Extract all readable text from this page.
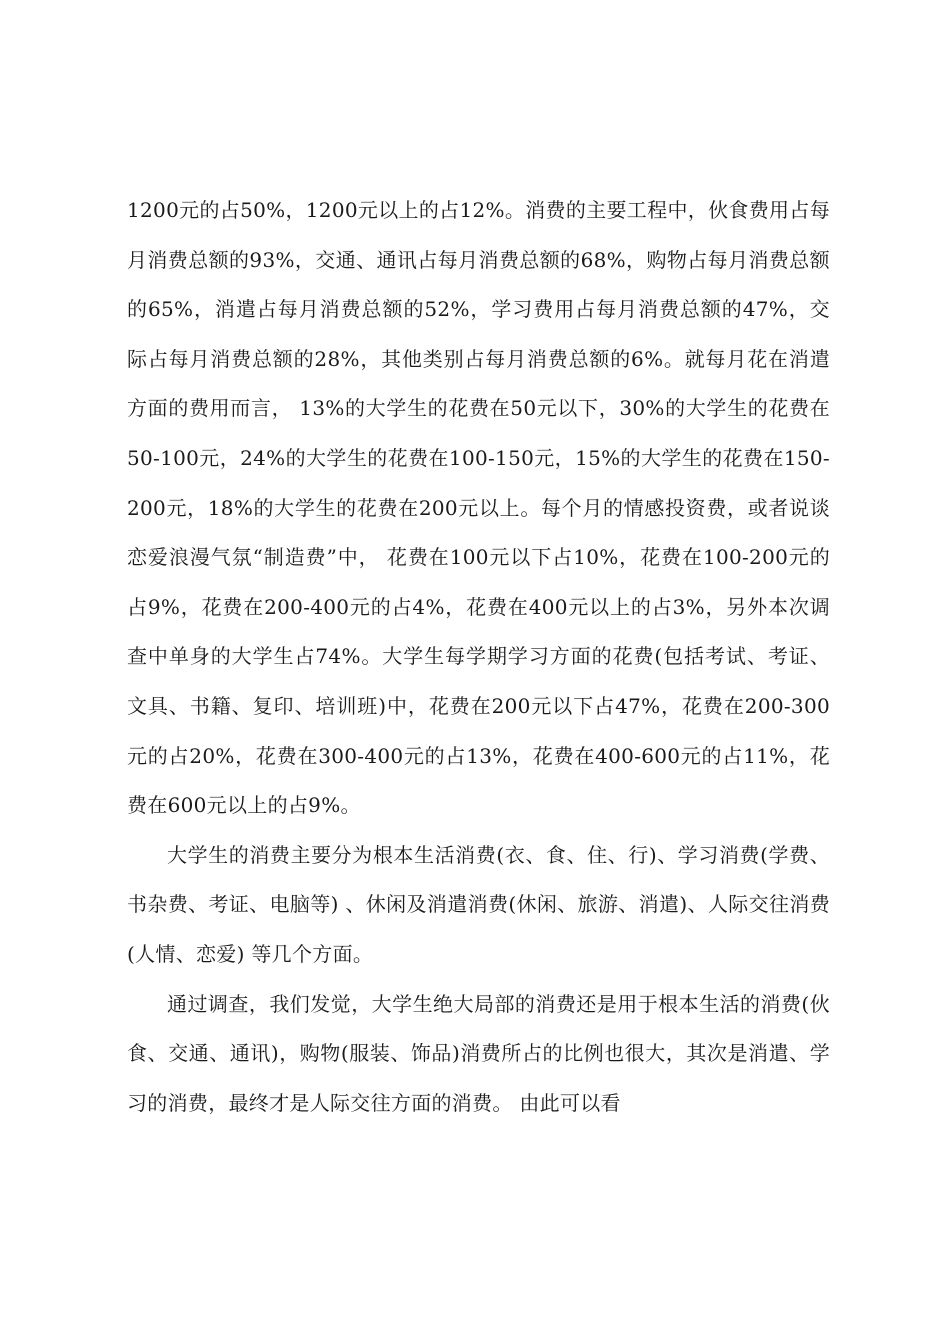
1200元的占50%，1200元以上的占12%。消费的主要工程中，伙食费用占每月消费总额的93%，交通、通讯占每月消费总额的68%，购物占每月消费总额的65%，消遣占每月消费总额的52%，学习费用占每月消费总额的47%，交际占每月消费总额的28%，其他类别占每月消费总额的6%。就每月花在消遣方面的费用而言， 13%的大学生的花费在50元以下，30%的大学生的花费在50-100元，24%的大学生的花费在100-150元，15%的大学生的花费在150-200元，18%的大学生的花费在200元以上。每个月的情感投资费，或者说谈恋爱浪漫气氛“制造费”中， 花费在100元以下占10%，花费在100-200元的占9%，花费在200-400元的占4%，花费在400元以上的占3%，另外本次调查中单身的大学生占74%。大学生每学期学习方面的花费(包括考试、考证、文具、书籍、复印、培训班)中，花费在200元以下占47%，花费在200-300元的占20%，花费在300-400元的占13%，花费在400-600元的占11%，花费在600元以上的占9%。

大学生的消费主要分为根本生活消费(衣、食、住、行)、学习消费(学费、书杂费、考证、电脑等) 、休闲及消遣消费(休闲、旅游、消遣)、人际交往消费(人情、恋爱) 等几个方面。

通过调查，我们发觉，大学生绝大局部的消费还是用于根本生活的消费(伙食、交通、通讯)，购物(服装、饰品)消费所占的比例也很大，其次是消遣、学习的消费，最终才是人际交往方面的消费。 由此可以看
